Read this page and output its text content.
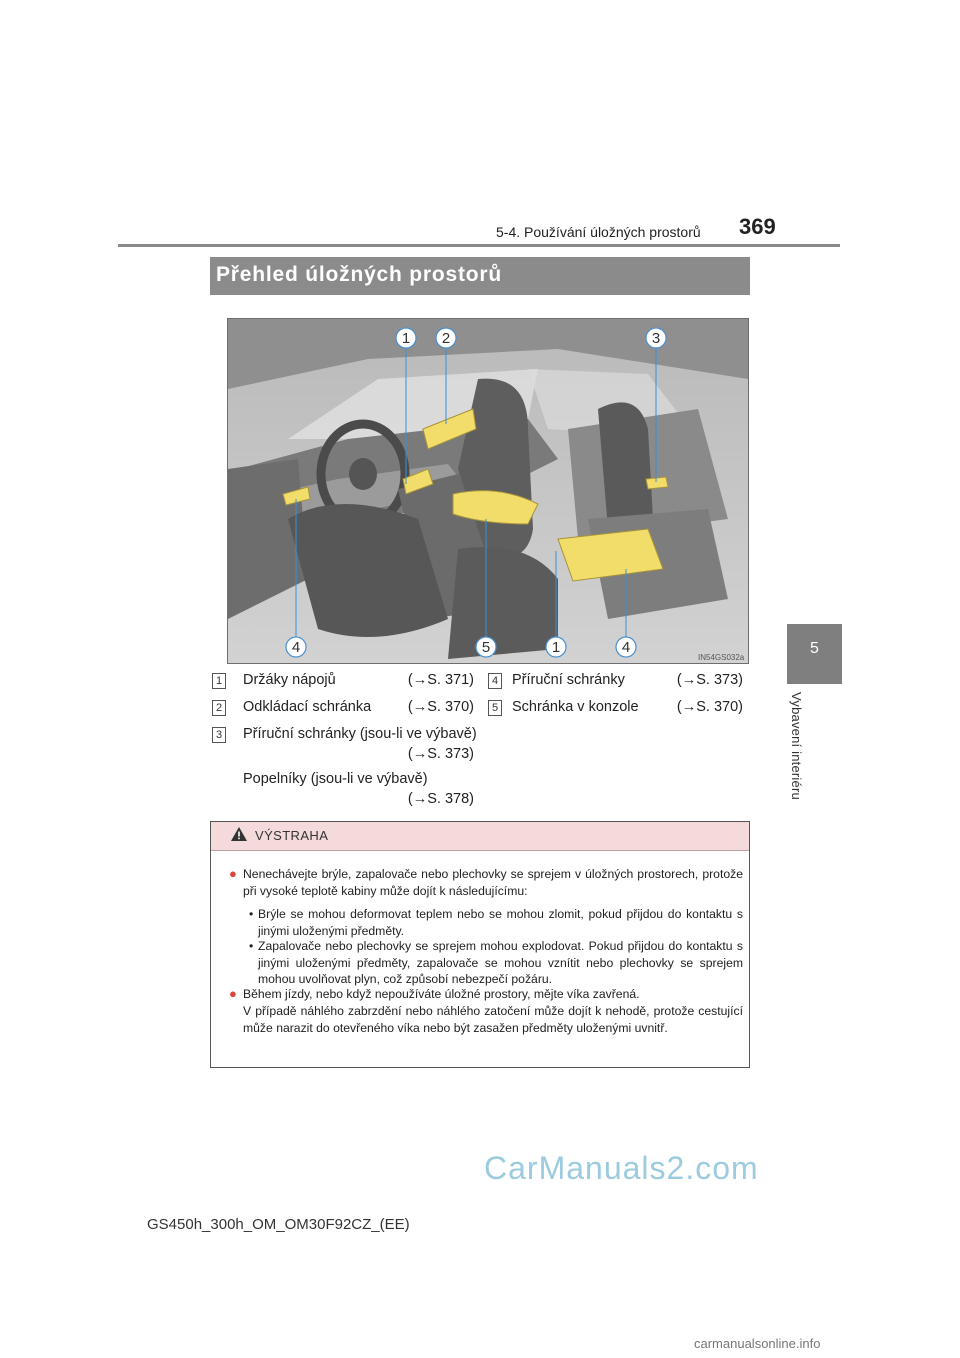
5-4. Používání úložných prostorů 369
5
Vybavení interiéru
Přehled úložných prostorů
1 2	3
4	5	1	4
IN54GS032a
1 Držáky nápojů	(→S. 371)
2 Odkládací schránka	(→S. 370)
3 Příruční schránky (jsou-li ve výbavě)
(→S. 373)
Popelníky (jsou-li ve výbavě)
(→S. 378)
4 Příruční schránky	(→S. 373)
5 Schránka v konzole	(→S. 370)
VÝSTRAHA
● Nenechávejte brýle, zapalovače nebo plechovky se sprejem v úložných prostorech, protože při vysoké teplotě kabiny může dojít k následujícímu:
• Brýle se mohou deformovat teplem nebo se mohou zlomit, pokud přijdou do kontaktu s jinými uloženými předměty.
• Zapalovače nebo plechovky se sprejem mohou explodovat. Pokud přijdou do kontaktu s jinými uloženými předměty, zapalovače se mohou vznítit nebo plechovky se sprejem mohou uvolňovat plyn, což způsobí nebezpečí požáru.
● Během jízdy, nebo když nepoužíváte úložné prostory, mějte víka zavřená.
V případě náhlého zabrzdění nebo náhlého zatočení může dojít k nehodě, protože cestující může narazit do otevřeného víka nebo být zasažen předměty uloženými uvnitř.
CarManuals2.com
GS450h_300h_OM_OM30F92CZ_(EE)
carmanualsonline.info
